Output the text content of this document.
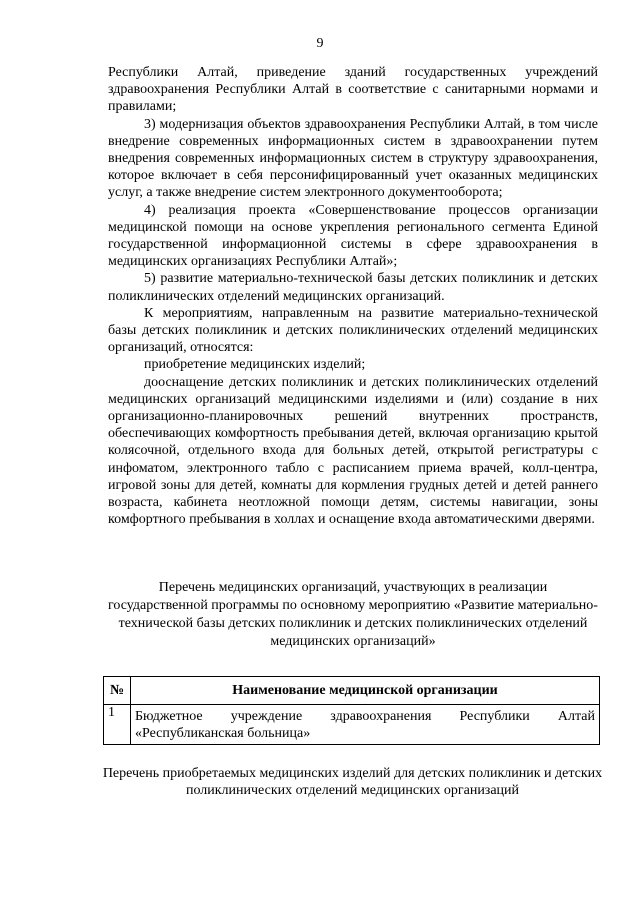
9

Республики Алтай, приведение зданий государственных учреждений здравоохранения Республики Алтай в соответствие с санитарными нормами и правилами;

3) модернизация объектов здравоохранения Республики Алтай, в том числе внедрение современных информационных систем в здравоохранении путем внедрения современных информационных систем в структуру здравоохранения, которое включает в себя персонифицированный учет оказанных медицинских услуг, а также внедрение систем электронного документооборота;

4) реализация проекта «Совершенствование процессов организации медицинской помощи на основе укрепления регионального сегмента Единой государственной информационной системы в сфере здравоохранения в медицинских организациях Республики Алтай»;

5) развитие материально-технической базы детских поликлиник и детских поликлинических отделений медицинских организаций.

К мероприятиям, направленным на развитие материально-технической базы детских поликлиник и детских поликлинических отделений медицинских организаций, относятся:

приобретение медицинских изделий;

дооснащение детских поликлиник и детских поликлинических отделений медицинских организаций медицинскими изделиями и (или) создание в них организационно-планировочных решений внутренних пространств, обеспечивающих комфортность пребывания детей, включая организацию крытой колясочной, отдельного входа для больных детей, открытой регистратуры с инфоматом, электронного табло с расписанием приема врачей, колл-центра, игровой зоны для детей, комнаты для кормления грудных детей и детей раннего возраста, кабинета неотложной помощи детям, системы навигации, зоны комфортного пребывания в холлах и оснащение входа автоматическими дверями.

Перечень медицинских организаций, участвующих в реализации государственной программы по основному мероприятию «Развитие материально-технической базы детских поликлиник и детских поликлинических отделений медицинских организаций»
№	Наименование медицинской организации
1	Бюджетное учреждение здравоохранения Республики Алтай «Республиканская больница»
Перечень приобретаемых медицинских изделий для детских поликлиник и детских поликлинических отделений медицинских организаций
